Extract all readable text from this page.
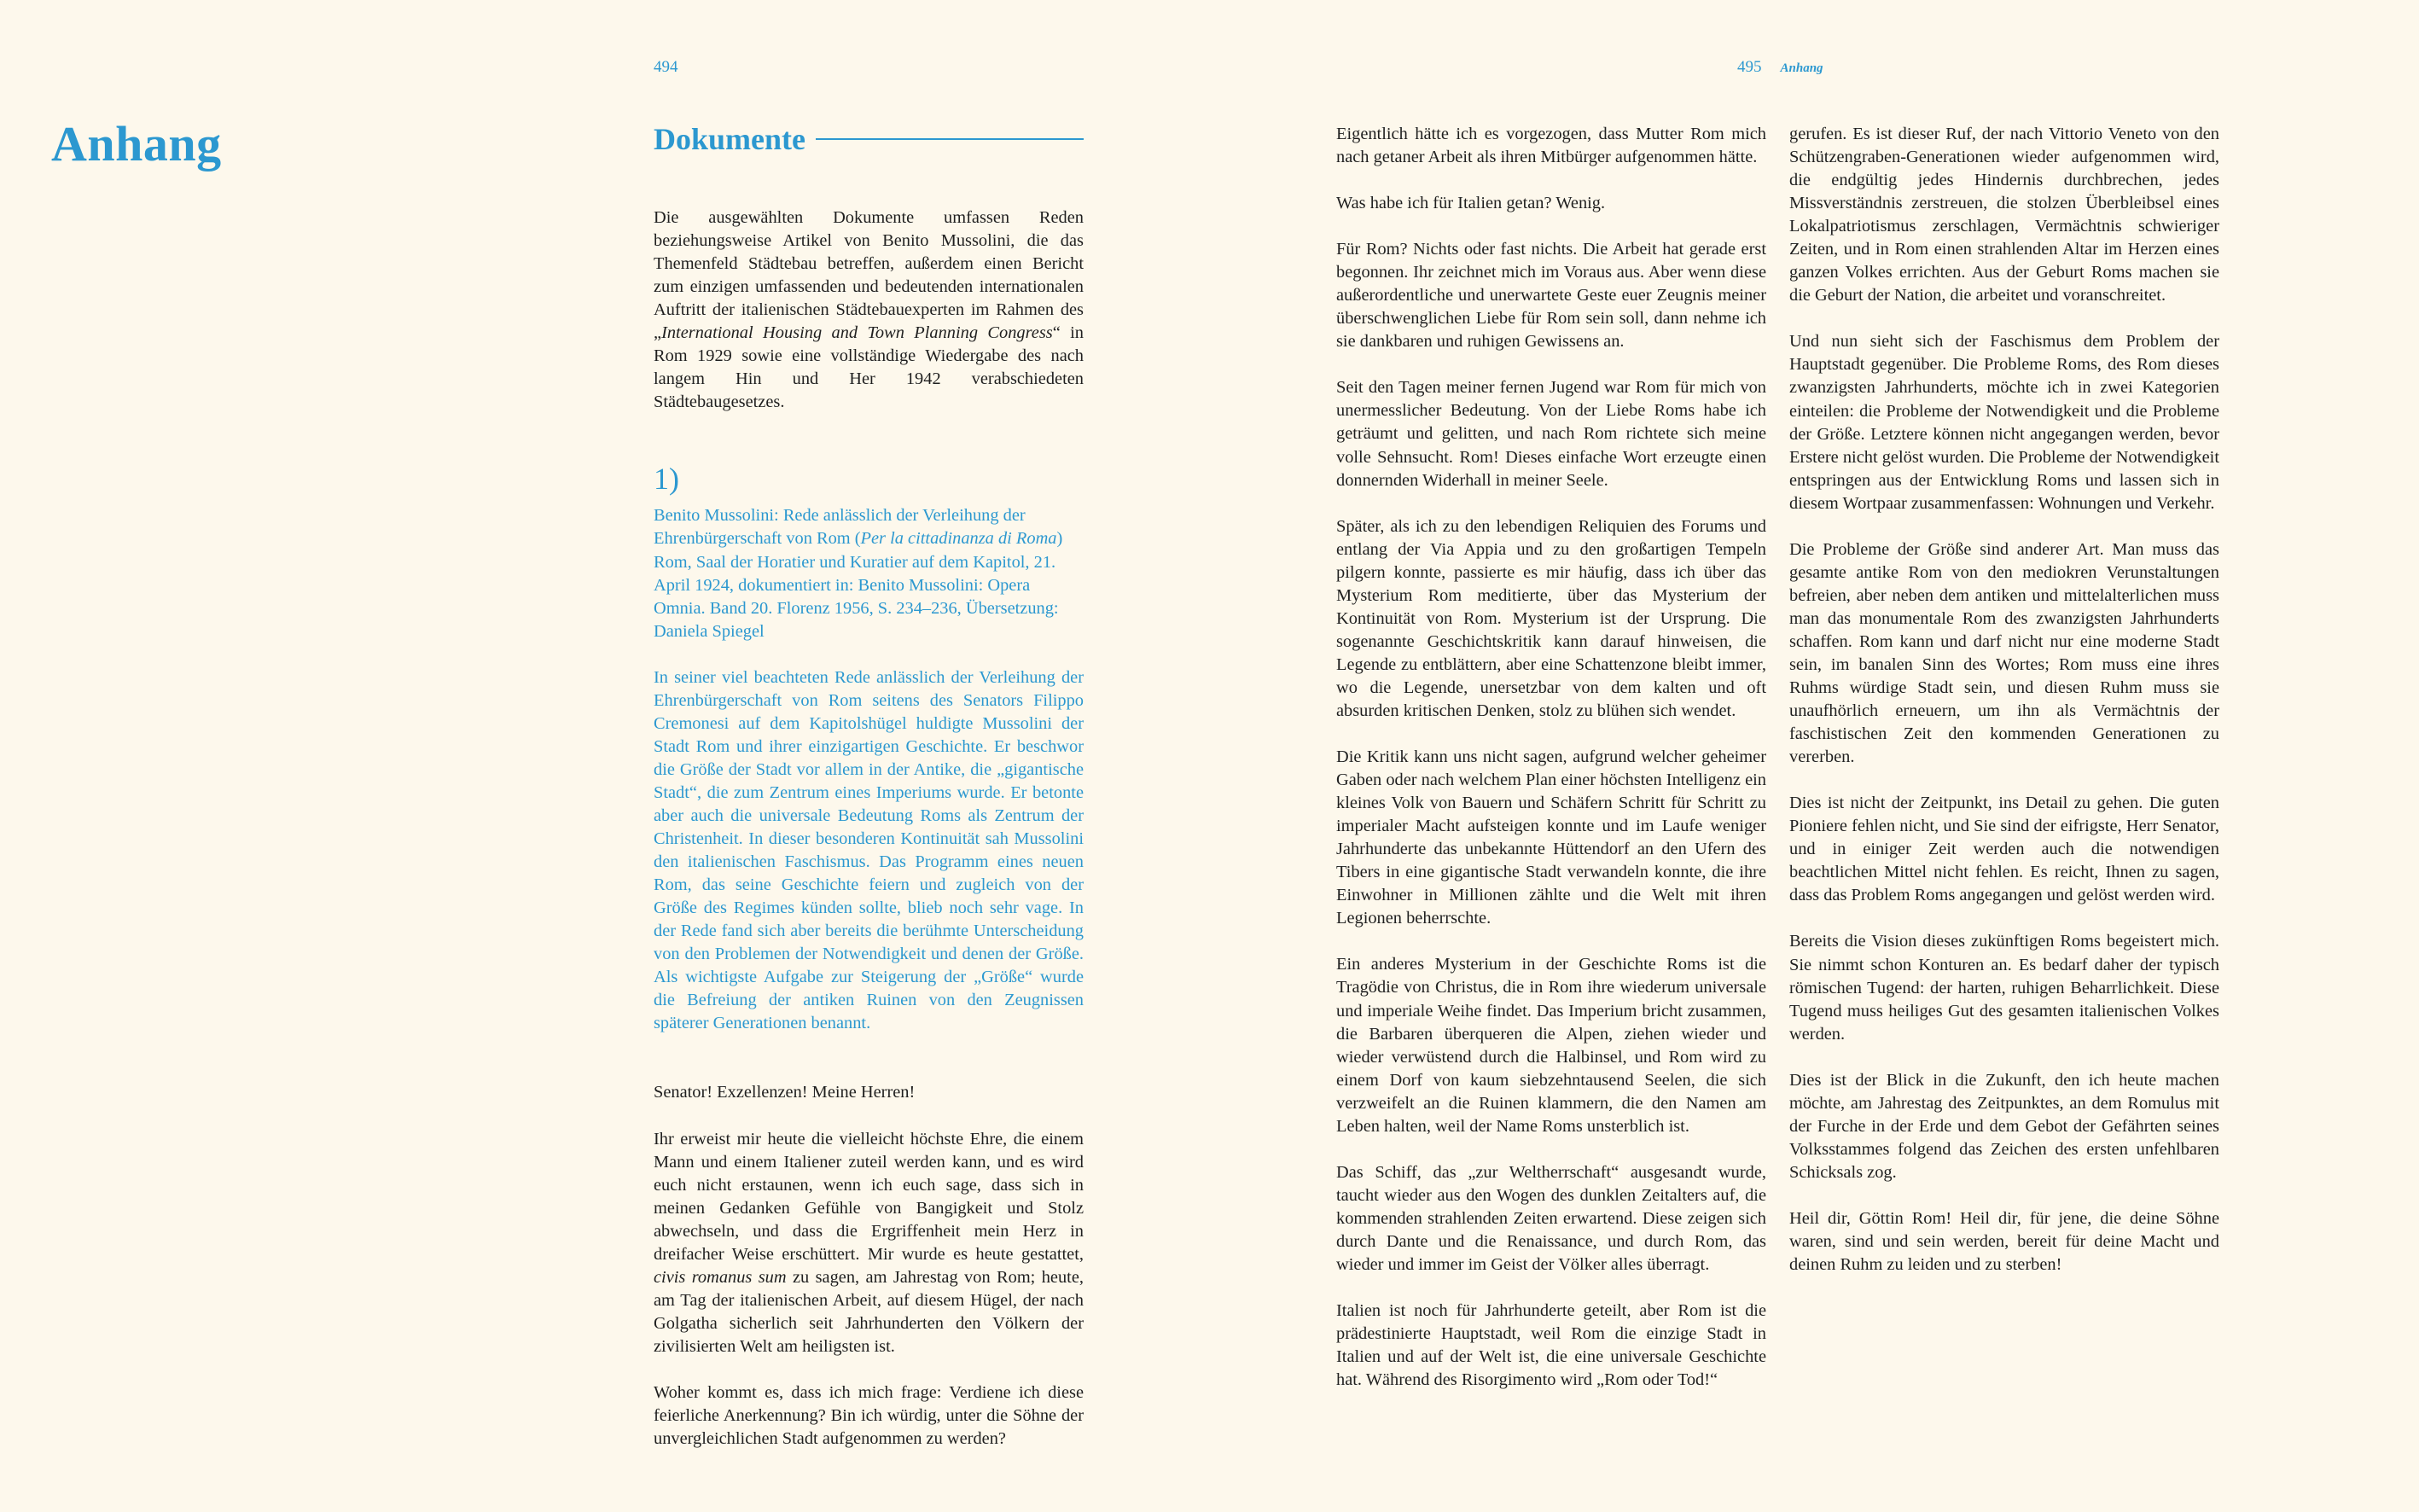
494
Anhang	Dokumente

Die ausgewählten Dokumente umfassen Reden beziehungsweise Artikel von Benito Mussolini, die das Themenfeld Städtebau betreffen, außerdem einen Bericht zum einzigen umfassenden und bedeutenden internationalen Auftritt der italienischen Städtebauexperten im Rahmen des „International Housing and Town Planning Congress“ in Rom 1929 sowie eine vollständige Wiedergabe des nach langem Hin und Her 1942 verabschiedeten Städtebaugesetzes.

1)

Benito Mussolini: Rede anlässlich der Verleihung der Ehrenbürgerschaft von Rom (Per la cittadinanza di Roma) Rom, Saal der Horatier und Kuratier auf dem Kapitol, 21. April 1924, dokumentiert in: Benito Mussolini: Opera Omnia. Band 20. Florenz 1956, S. 234–236, Übersetzung: Daniela Spiegel

In seiner viel beachteten Rede anlässlich der Verleihung der Ehrenbürgerschaft von Rom seitens des Senators Filippo Cremonesi auf dem Kapitolshügel huldigte Mussolini der Stadt Rom und ihrer einzigartigen Geschichte. Er beschwor die Größe der Stadt vor allem in der Antike, die „gigantische Stadt“, die zum Zentrum eines Imperiums wurde. Er betonte aber auch die universale Bedeutung Roms als Zentrum der Christenheit. In dieser besonderen Kontinuität sah Mussolini den italienischen Faschismus. Das Programm eines neuen Rom, das seine Geschichte feiern und zugleich von der Größe des Regimes künden sollte, blieb noch sehr vage. In der Rede fand sich aber bereits die berühmte Unterscheidung von den Problemen der Notwendigkeit und denen der Größe. Als wichtigste Aufgabe zur Steigerung der „Größe“ wurde die Befreiung der antiken Ruinen von den Zeugnissen späterer Generationen benannt.

Senator! Exzellenzen! Meine Herren!

Ihr erweist mir heute die vielleicht höchste Ehre, die einem Mann und einem Italiener zuteil werden kann, und es wird euch nicht erstaunen, wenn ich euch sage, dass sich in meinen Gedanken Gefühle von Bangigkeit und Stolz abwechseln, und dass die Ergriffenheit mein Herz in dreifacher Weise erschüttert. Mir wurde es heute gestattet, civis romanus sum zu sagen, am Jahrestag von Rom; heute, am Tag der italienischen Arbeit, auf diesem Hügel, der nach Golgatha sicherlich seit Jahrhunderten den Völkern der zivilisierten Welt am heiligsten ist.

Woher kommt es, dass ich mich frage: Verdiene ich diese feierliche Anerkennung? Bin ich würdig, unter die Söhne der unvergleichlichen Stadt aufgenommen zu werden?

495 Anhang

Eigentlich hätte ich es vorgezogen, dass Mutter Rom mich nach getaner Arbeit als ihren Mitbürger aufgenommen hätte.

Was habe ich für Italien getan? Wenig.

Für Rom? Nichts oder fast nichts. Die Arbeit hat gerade erst begonnen. Ihr zeichnet mich im Voraus aus. Aber wenn diese außerordentliche und unerwartete Geste euer Zeugnis meiner überschwenglichen Liebe für Rom sein soll, dann nehme ich sie dankbaren und ruhigen Gewissens an.

Seit den Tagen meiner fernen Jugend war Rom für mich von unermesslicher Bedeutung. Von der Liebe Roms habe ich geträumt und gelitten, und nach Rom richtete sich meine volle Sehnsucht. Rom! Dieses einfache Wort erzeugte einen donnernden Widerhall in meiner Seele.

Später, als ich zu den lebendigen Reliquien des Forums und entlang der Via Appia und zu den großartigen Tempeln pilgern konnte, passierte es mir häufig, dass ich über das Mysterium Rom meditierte, über das Mysterium der Kontinuität von Rom. Mysterium ist der Ursprung. Die sogenannte Geschichtskritik kann darauf hinweisen, die Legende zu entblättern, aber eine Schattenzone bleibt immer, wo die Legende, unersetzbar von dem kalten und oft absurden kritischen Denken, stolz zu blühen sich wendet.

Die Kritik kann uns nicht sagen, aufgrund welcher geheimer Gaben oder nach welchem Plan einer höchsten Intelligenz ein kleines Volk von Bauern und Schäfern Schritt für Schritt zu imperialer Macht aufsteigen konnte und im Laufe weniger Jahrhunderte das unbekannte Hüttendorf an den Ufern des Tibers in eine gigantische Stadt verwandeln konnte, die ihre Einwohner in Millionen zählte und die Welt mit ihren Legionen beherrschte.

Ein anderes Mysterium in der Geschichte Roms ist die Tragödie von Christus, die in Rom ihre wiederum universale und imperiale Weihe findet. Das Imperium bricht zusammen, die Barbaren überqueren die Alpen, ziehen wieder und wieder verwüstend durch die Halbinsel, und Rom wird zu einem Dorf von kaum siebzehntausend Seelen, die sich verzweifelt an die Ruinen klammern, die den Namen am Leben halten, weil der Name Roms unsterblich ist.

Das Schiff, das „zur Weltherrschaft“ ausgesandt wurde, taucht wieder aus den Wogen des dunklen Zeitalters auf, die kommenden strahlenden Zeiten erwartend. Diese zeigen sich durch Dante und die Renaissance, und durch Rom, das wieder und immer im Geist der Völker alles überragt.

Italien ist noch für Jahrhunderte geteilt, aber Rom ist die prädestinierte Hauptstadt, weil Rom die einzige Stadt in Italien und auf der Welt ist, die eine universale Geschichte hat. Während des Risorgimento wird „Rom oder Tod!“

gerufen. Es ist dieser Ruf, der nach Vittorio Veneto von den Schützengraben-Generationen wieder aufgenommen wird, die endgültig jedes Hindernis durchbrechen, jedes Missverständnis zerstreuen, die stolzen Überbleibsel eines Lokalpatriotismus zerschlagen, Vermächtnis schwieriger Zeiten, und in Rom einen strahlenden Altar im Herzen eines ganzen Volkes errichten. Aus der Geburt Roms machen sie die Geburt der Nation, die arbeitet und voranschreitet.

Und nun sieht sich der Faschismus dem Problem der Hauptstadt gegenüber. Die Probleme Roms, des Rom dieses zwanzigsten Jahrhunderts, möchte ich in zwei Kategorien einteilen: die Probleme der Notwendigkeit und die Probleme der Größe. Letztere können nicht angegangen werden, bevor Erstere nicht gelöst wurden. Die Probleme der Notwendigkeit entspringen aus der Entwicklung Roms und lassen sich in diesem Wortpaar zusammenfassen: Wohnungen und Verkehr.

Die Probleme der Größe sind anderer Art. Man muss das gesamte antike Rom von den mediokren Verunstaltungen befreien, aber neben dem antiken und mittelalterlichen muss man das monumentale Rom des zwanzigsten Jahrhunderts schaffen. Rom kann und darf nicht nur eine moderne Stadt sein, im banalen Sinn des Wortes; Rom muss eine ihres Ruhms würdige Stadt sein, und diesen Ruhm muss sie unaufhörlich erneuern, um ihn als Vermächtnis der faschistischen Zeit den kommenden Generationen zu vererben.

Dies ist nicht der Zeitpunkt, ins Detail zu gehen. Die guten Pioniere fehlen nicht, und Sie sind der eifrigste, Herr Senator, und in einiger Zeit werden auch die notwendigen beachtlichen Mittel nicht fehlen. Es reicht, Ihnen zu sagen, dass das Problem Roms angegangen und gelöst werden wird.

Bereits die Vision dieses zukünftigen Roms begeistert mich. Sie nimmt schon Konturen an. Es bedarf daher der typisch römischen Tugend: der harten, ruhigen Beharrlichkeit. Diese Tugend muss heiliges Gut des gesamten italienischen Volkes werden.

Dies ist der Blick in die Zukunft, den ich heute machen möchte, am Jahrestag des Zeitpunktes, an dem Romulus mit der Furche in der Erde und dem Gebot der Gefährten seines Volksstammes folgend das Zeichen des ersten unfehlbaren Schicksals zog.

Heil dir, Göttin Rom! Heil dir, für jene, die deine Söhne waren, sind und sein werden, bereit für deine Macht und deinen Ruhm zu leiden und zu sterben!
